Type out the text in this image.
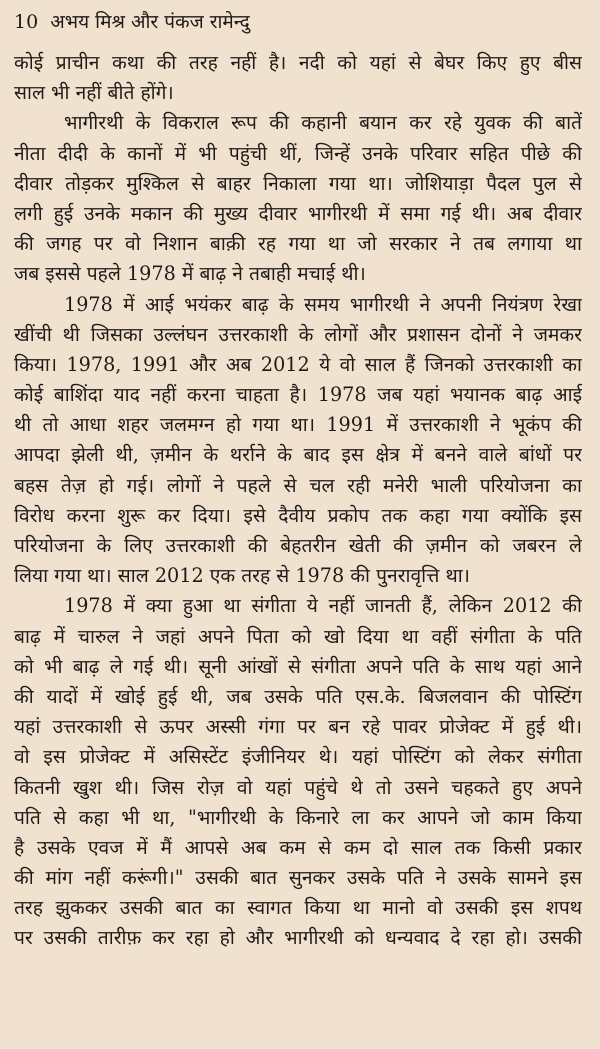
10 अभय मिश्र और पंकज रामेन्दु
कोई प्राचीन कथा की तरह नहीं है। नदी को यहां से बेघर किए हुए बीस
साल भी नहीं बीते होंगे।
भागीरथी के विकराल रूप की कहानी बयान कर रहे युवक की बातें
नीता दीदी के कानों में भी पहुंची थीं, जिन्हें उनके परिवार सहित पीछे की
दीवार तोड़कर मुश्किल से बाहर निकाला गया था। जोशियाड़ा पैदल पुल से
लगी हुई उनके मकान की मुख्य दीवार भागीरथी में समा गई थी। अब दीवार
की जगह पर वो निशान बाक़ी रह गया था जो सरकार ने तब लगाया था
जब इससे पहले 1978 में बाढ़ ने तबाही मचाई थी।
1978 में आई भयंकर बाढ़ के समय भागीरथी ने अपनी नियंत्रण रेखा
खींची थी जिसका उल्लंघन उत्तरकाशी के लोगों और प्रशासन दोनों ने जमकर
किया। 1978, 1991 और अब 2012 ये वो साल हैं जिनको उत्तरकाशी का
कोई बाशिंदा याद नहीं करना चाहता है। 1978 जब यहां भयानक बाढ़ आई
थी तो आधा शहर जलमग्न हो गया था। 1991 में उत्तरकाशी ने भूकंप की
आपदा झेली थी, ज़मीन के थर्राने के बाद इस क्षेत्र में बनने वाले बांधों पर
बहस तेज़ हो गई। लोगों ने पहले से चल रही मनेरी भाली परियोजना का
विरोध करना शुरू कर दिया। इसे दैवीय प्रकोप तक कहा गया क्योंकि इस
परियोजना के लिए उत्तरकाशी की बेहतरीन खेती की ज़मीन को जबरन ले
लिया गया था। साल 2012 एक तरह से 1978 की पुनरावृत्ति था।
1978 में क्या हुआ था संगीता ये नहीं जानती हैं, लेकिन 2012 की
बाढ़ में चारुल ने जहां अपने पिता को खो दिया था वहीं संगीता के पति
को भी बाढ़ ले गई थी। सूनी आंखों से संगीता अपने पति के साथ यहां आने
की यादों में खोई हुई थी, जब उसके पति एस.के. बिजलवान की पोस्टिंग
यहां उत्तरकाशी से ऊपर अस्सी गंगा पर बन रहे पावर प्रोजेक्ट में हुई थी।
वो इस प्रोजेक्ट में असिस्टेंट इंजीनियर थे। यहां पोस्टिंग को लेकर संगीता
कितनी खुश थी। जिस रोज़ वो यहां पहुंचे थे तो उसने चहकते हुए अपने
पति से कहा भी था, "भागीरथी के किनारे ला कर आपने जो काम किया
है उसके एवज में मैं आपसे अब कम से कम दो साल तक किसी प्रकार
की मांग नहीं करूंगी।" उसकी बात सुनकर उसके पति ने उसके सामने इस
तरह झुककर उसकी बात का स्वागत किया था मानो वो उसकी इस शपथ
पर उसकी तारीफ़ कर रहा हो और भागीरथी को धन्यवाद दे रहा हो। उसकी
